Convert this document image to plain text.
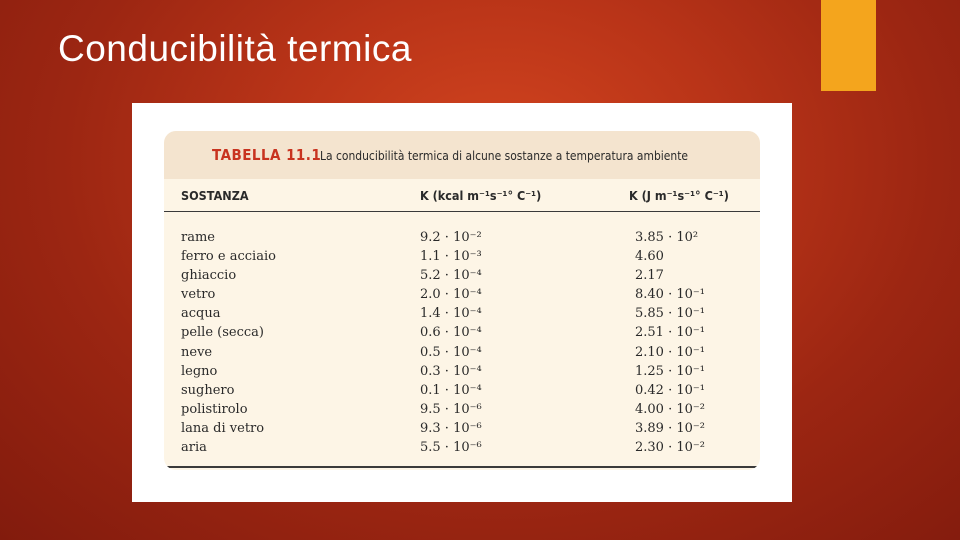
Conducibilità termica
TABELLA 11.1
La conducibilità termica di alcune sostanze a temperatura ambiente
SOSTANZA	K (kcal m⁻¹s⁻¹° C⁻¹)	K (J m⁻¹s⁻¹° C⁻¹)
rame	9.2 · 10⁻²	3.85 · 10²
ferro e acciaio	1.1 · 10⁻³	4.60
ghiaccio	5.2 · 10⁻⁴	2.17
vetro	2.0 · 10⁻⁴	8.40 · 10⁻¹
acqua	1.4 · 10⁻⁴	5.85 · 10⁻¹
pelle (secca)	0.6 · 10⁻⁴	2.51 · 10⁻¹
neve	0.5 · 10⁻⁴	2.10 · 10⁻¹
legno	0.3 · 10⁻⁴	1.25 · 10⁻¹
sughero	0.1 · 10⁻⁴	0.42 · 10⁻¹
polistirolo	9.5 · 10⁻⁶	4.00 · 10⁻²
lana di vetro	9.3 · 10⁻⁶	3.89 · 10⁻²
aria	5.5 · 10⁻⁶	2.30 · 10⁻²
